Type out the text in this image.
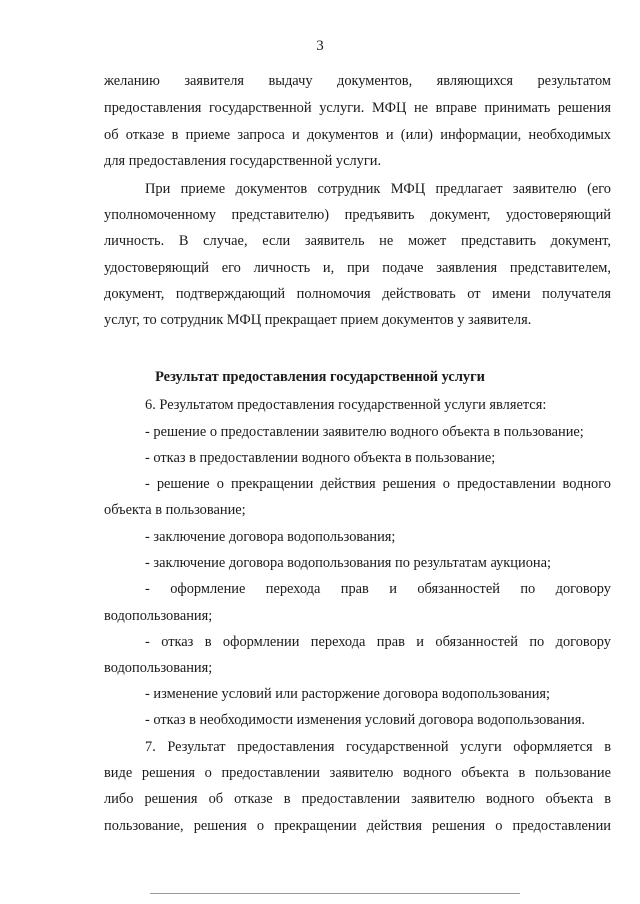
3

желанию заявителя выдачу документов, являющихся результатом

предоставления государственной услуги. МФЦ не вправе принимать решения

об отказе в приеме запроса и документов и (или) информации, необходимых

для предоставления государственной услуги.

При приеме документов сотрудник МФЦ предлагает заявителю (его

уполномоченному представителю) предъявить документ, удостоверяющий

личность. В случае, если заявитель не может представить документ,

удостоверяющий его личность и, при подаче заявления представителем,

документ, подтверждающий полномочия действовать от имени получателя

услуг, то сотрудник МФЦ прекращает прием документов у заявителя.

Результат предоставления государственной услуги

6. Результатом предоставления государственной услуги является:

- решение о предоставлении заявителю водного объекта в пользование;

- отказ в предоставлении водного объекта в пользование;

- решение о прекращении действия решения о предоставлении водного

объекта в пользование;

- заключение договора водопользования;

- заключение договора водопользования по результатам аукциона;

- оформление перехода прав и обязанностей по договору

водопользования;

- отказ в оформлении перехода прав и обязанностей по договору

водопользования;

- изменение условий или расторжение договора водопользования;

- отказ в необходимости изменения условий договора водопользования.

7. Результат предоставления государственной услуги оформляется в

виде решения о предоставлении заявителю водного объекта в пользование

либо решения об отказе в предоставлении заявителю водного объекта в

пользование, решения о прекращении действия решения о предоставлении
